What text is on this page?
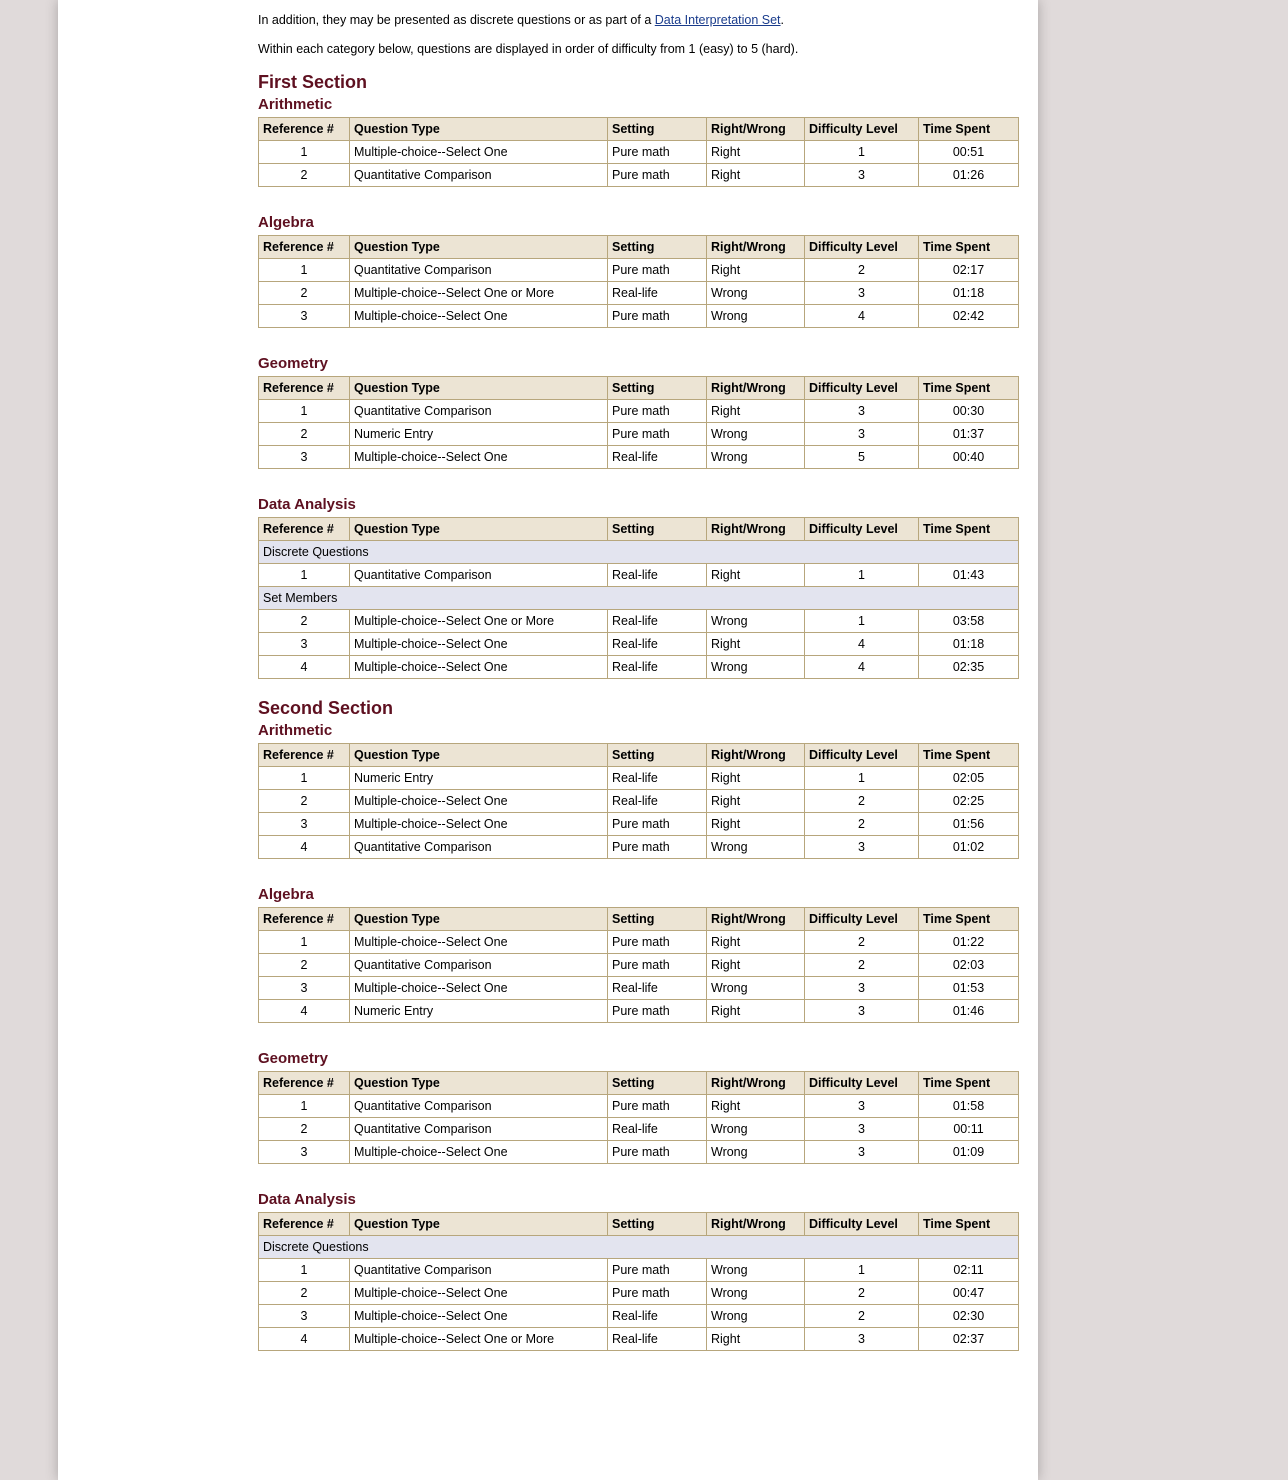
In addition, they may be presented as discrete questions or as part of a Data Interpretation Set.

Within each category below, questions are displayed in order of difficulty from 1 (easy) to 5 (hard).

First Section
Arithmetic
Reference #	Question Type	Setting	Right/Wrong	Difficulty Level	Time Spent
1	Multiple-choice--Select One	Pure math	Right	1	00:51
2	Quantitative Comparison	Pure math	Right	3	01:26
Algebra
Reference #	Question Type	Setting	Right/Wrong	Difficulty Level	Time Spent
1	Quantitative Comparison	Pure math	Right	2	02:17
2	Multiple-choice--Select One or More	Real-life	Wrong	3	01:18
3	Multiple-choice--Select One	Pure math	Wrong	4	02:42
Geometry
Reference #	Question Type	Setting	Right/Wrong	Difficulty Level	Time Spent
1	Quantitative Comparison	Pure math	Right	3	00:30
2	Numeric Entry	Pure math	Wrong	3	01:37
3	Multiple-choice--Select One	Real-life	Wrong	5	00:40
Data Analysis
Reference #	Question Type	Setting	Right/Wrong	Difficulty Level	Time Spent
Discrete Questions					
1	Quantitative Comparison	Real-life	Right	1	01:43
Set Members					
2	Multiple-choice--Select One or More	Real-life	Wrong	1	03:58
3	Multiple-choice--Select One	Real-life	Right	4	01:18
4	Multiple-choice--Select One	Real-life	Wrong	4	02:35
Second Section
Arithmetic
Reference #	Question Type	Setting	Right/Wrong	Difficulty Level	Time Spent
1	Numeric Entry	Real-life	Right	1	02:05
2	Multiple-choice--Select One	Real-life	Right	2	02:25
3	Multiple-choice--Select One	Pure math	Right	2	01:56
4	Quantitative Comparison	Pure math	Wrong	3	01:02
Algebra
Reference #	Question Type	Setting	Right/Wrong	Difficulty Level	Time Spent
1	Multiple-choice--Select One	Pure math	Right	2	01:22
2	Quantitative Comparison	Pure math	Right	2	02:03
3	Multiple-choice--Select One	Real-life	Wrong	3	01:53
4	Numeric Entry	Pure math	Right	3	01:46
Geometry
Reference #	Question Type	Setting	Right/Wrong	Difficulty Level	Time Spent
1	Quantitative Comparison	Pure math	Right	3	01:58
2	Quantitative Comparison	Real-life	Wrong	3	00:11
3	Multiple-choice--Select One	Pure math	Wrong	3	01:09
Data Analysis
Reference #	Question Type	Setting	Right/Wrong	Difficulty Level	Time Spent
Discrete Questions					
1	Quantitative Comparison	Pure math	Wrong	1	02:11
2	Multiple-choice--Select One	Pure math	Wrong	2	00:47
3	Multiple-choice--Select One	Real-life	Wrong	2	02:30
4	Multiple-choice--Select One or More	Real-life	Right	3	02:37
